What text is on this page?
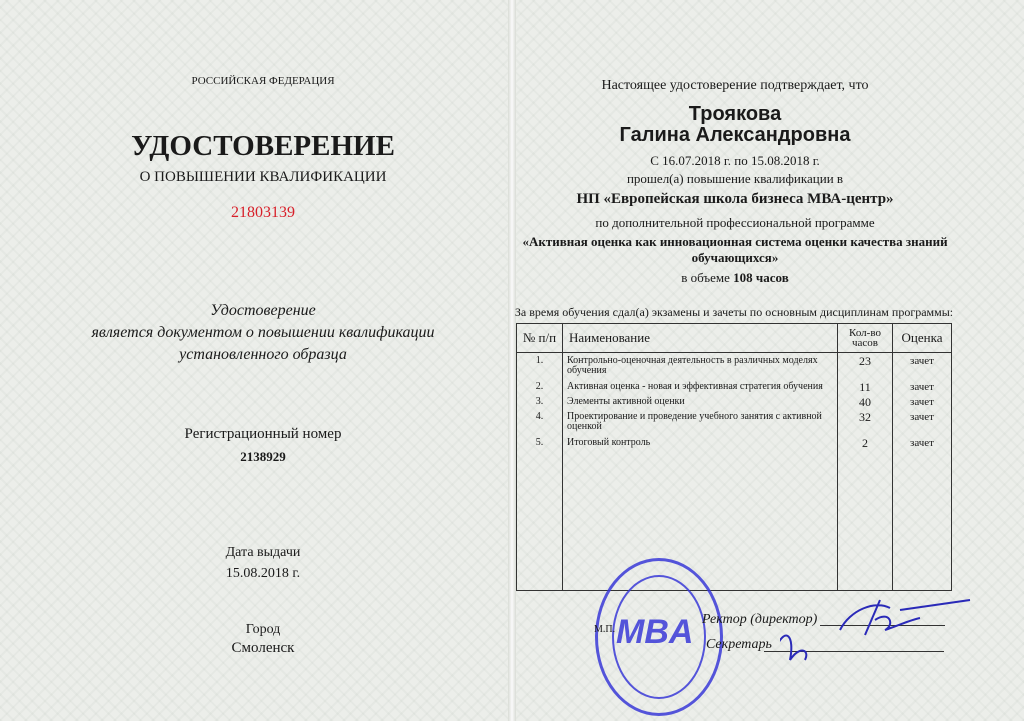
РОССИЙСКАЯ ФЕДЕРАЦИЯ
УДОСТОВЕРЕНИЕ
О ПОВЫШЕНИИ КВАЛИФИКАЦИИ
21803139
Удостоверение
является документом о повышении квалификации
установленного образца
Регистрационный номер
2138929
Дата выдачи
15.08.2018 г.
Город
Смоленск
Настоящее удостоверение подтверждает, что
Троякова
Галина Александровна
С 16.07.2018 г. по 15.08.2018 г.
прошел(а) повышение квалификации в
НП «Европейская школа бизнеса МВА-центр»
по дополнительной профессиональной программе
«Активная оценка как инновационная система оценки качества знаний
обучающихся»
в объеме 108 часов
За время обучения сдал(а) экзамены и зачеты по основным дисциплинам программы:
№ п/п	Наименование	Кол-во часов	Оценка
1.	Контрольно-оценочная деятельность в различных моделях обучения	23	зачет
2.	Активная оценка - новая и эффективная стратегия обучения	11	зачет
3.	Элементы активной оценки	40	зачет
4.	Проектирование и проведение учебного занятия с активной оценкой	32	зачет
5.	Итоговый контроль	2	зачет

MBA
М.П.
Ректор (директор)
Секретарь
